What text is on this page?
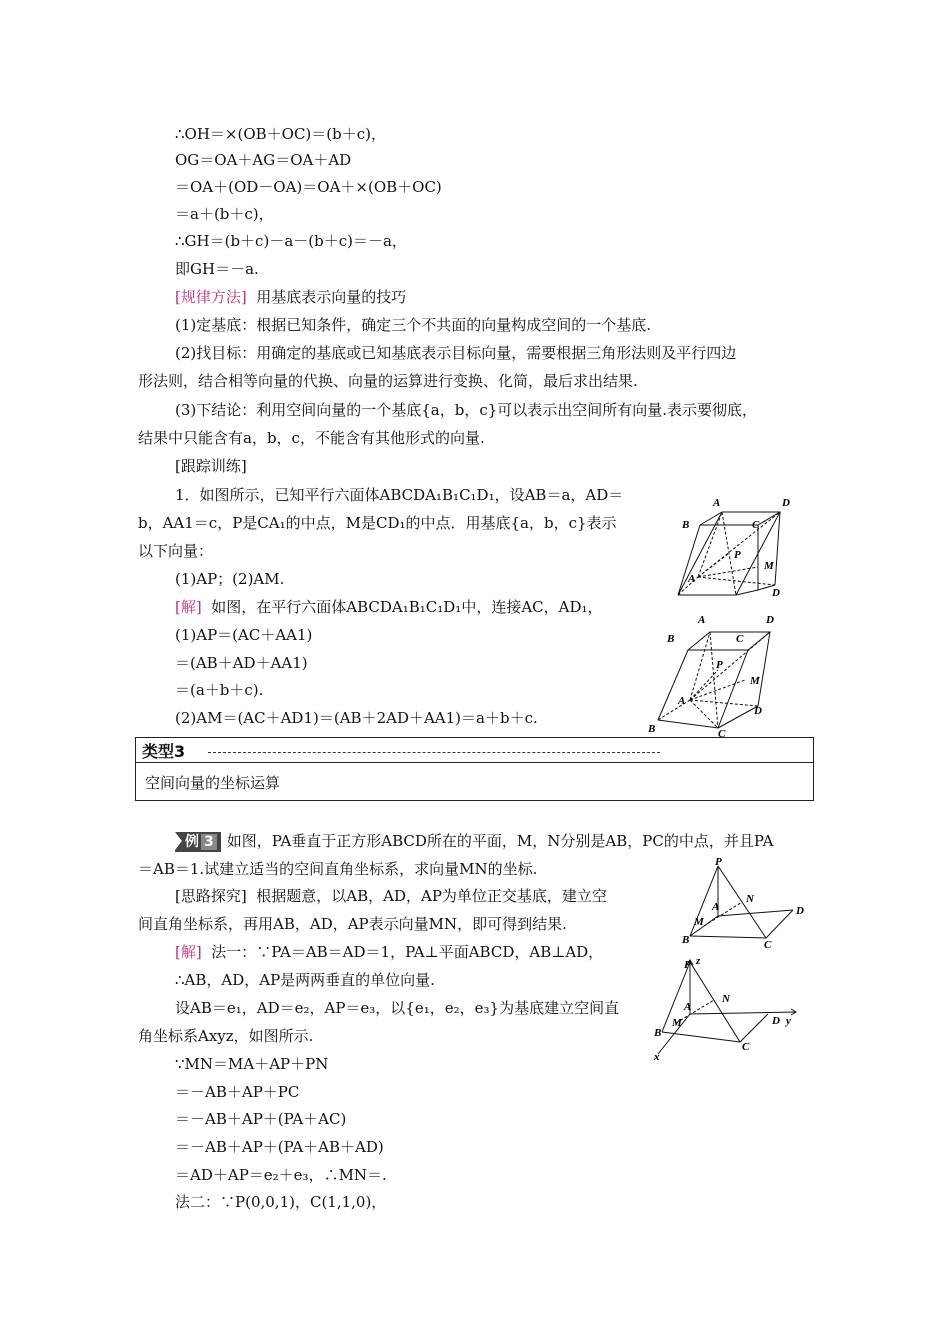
∴OH＝×(OB＋OC)＝(b＋c)，
OG＝OA＋AG＝OA＋AD
＝OA＋(OD－OA)＝OA＋×(OB＋OC)
＝a＋(b＋c)，
∴GH＝(b＋c)－a－(b＋c)＝－a，
即GH＝－a.
[规律方法] 用基底表示向量的技巧
(1)定基底：根据已知条件，确定三个不共面的向量构成空间的一个基底.
(2)找目标：用确定的基底或已知基底表示目标向量，需要根据三角形法则及平行四边
形法则，结合相等向量的代换、向量的运算进行变换、化简，最后求出结果.
(3)下结论：利用空间向量的一个基底{a，b，c}可以表示出空间所有向量.表示要彻底，
结果中只能含有a，b，c，不能含有其他形式的向量.
[跟踪训练]
1．如图所示，已知平行六面体ABCDA₁B₁C₁D₁，设AB＝a，AD＝
b，AA1＝c，P是CA₁的中点，M是CD₁的中点．用基底{a，b，c}表示
以下向量：
(1)AP；(2)AM.
[解] 如图，在平行六面体ABCDA₁B₁C₁D₁中，连接AC，AD₁，
(1)AP＝(AC＋AA1)
＝(AB＋AD＋AA1)
＝(a＋b＋c).
(2)AM＝(AC＋AD1)＝(AB＋2AD＋AA1)＝a＋b＋c.
类型3
空间向量的坐标运算
例 3 如图，PA垂直于正方形ABCD所在的平面，M，N分别是AB，PC的中点，并且PA
＝AB＝1.试建立适当的空间直角坐标系，求向量MN的坐标.
[思路探究] 根据题意，以AB，AD，AP为单位正交基底，建立空
间直角坐标系，再用AB，AD，AP表示向量MN，即可得到结果.
[解] 法一：∵PA＝AB＝AD＝1，PA⊥平面ABCD，AB⊥AD，
∴AB，AD，AP是两两垂直的单位向量.
设AB＝e₁，AD＝e₂，AP＝e₃，以{e₁，e₂，e₃}为基底建立空间直
角坐标系Axyz，如图所示.
∵MN＝MA＋AP＋PN
＝－AB＋AP＋PC
＝－AB＋AP＋(PA＋AC)
＝－AB＋AP＋(PA＋AB＋AD)
＝AD＋AP＝e₂＋e₃，∴MN＝.
法二：∵P(0,0,1)，C(1,1,0)，
A	D
B	C
P
M
A
D
A	D
B	C
P
M
A
D
B	C
P
N
M
A
B	C
D
P z
N
M
A
B
C
D y
x
